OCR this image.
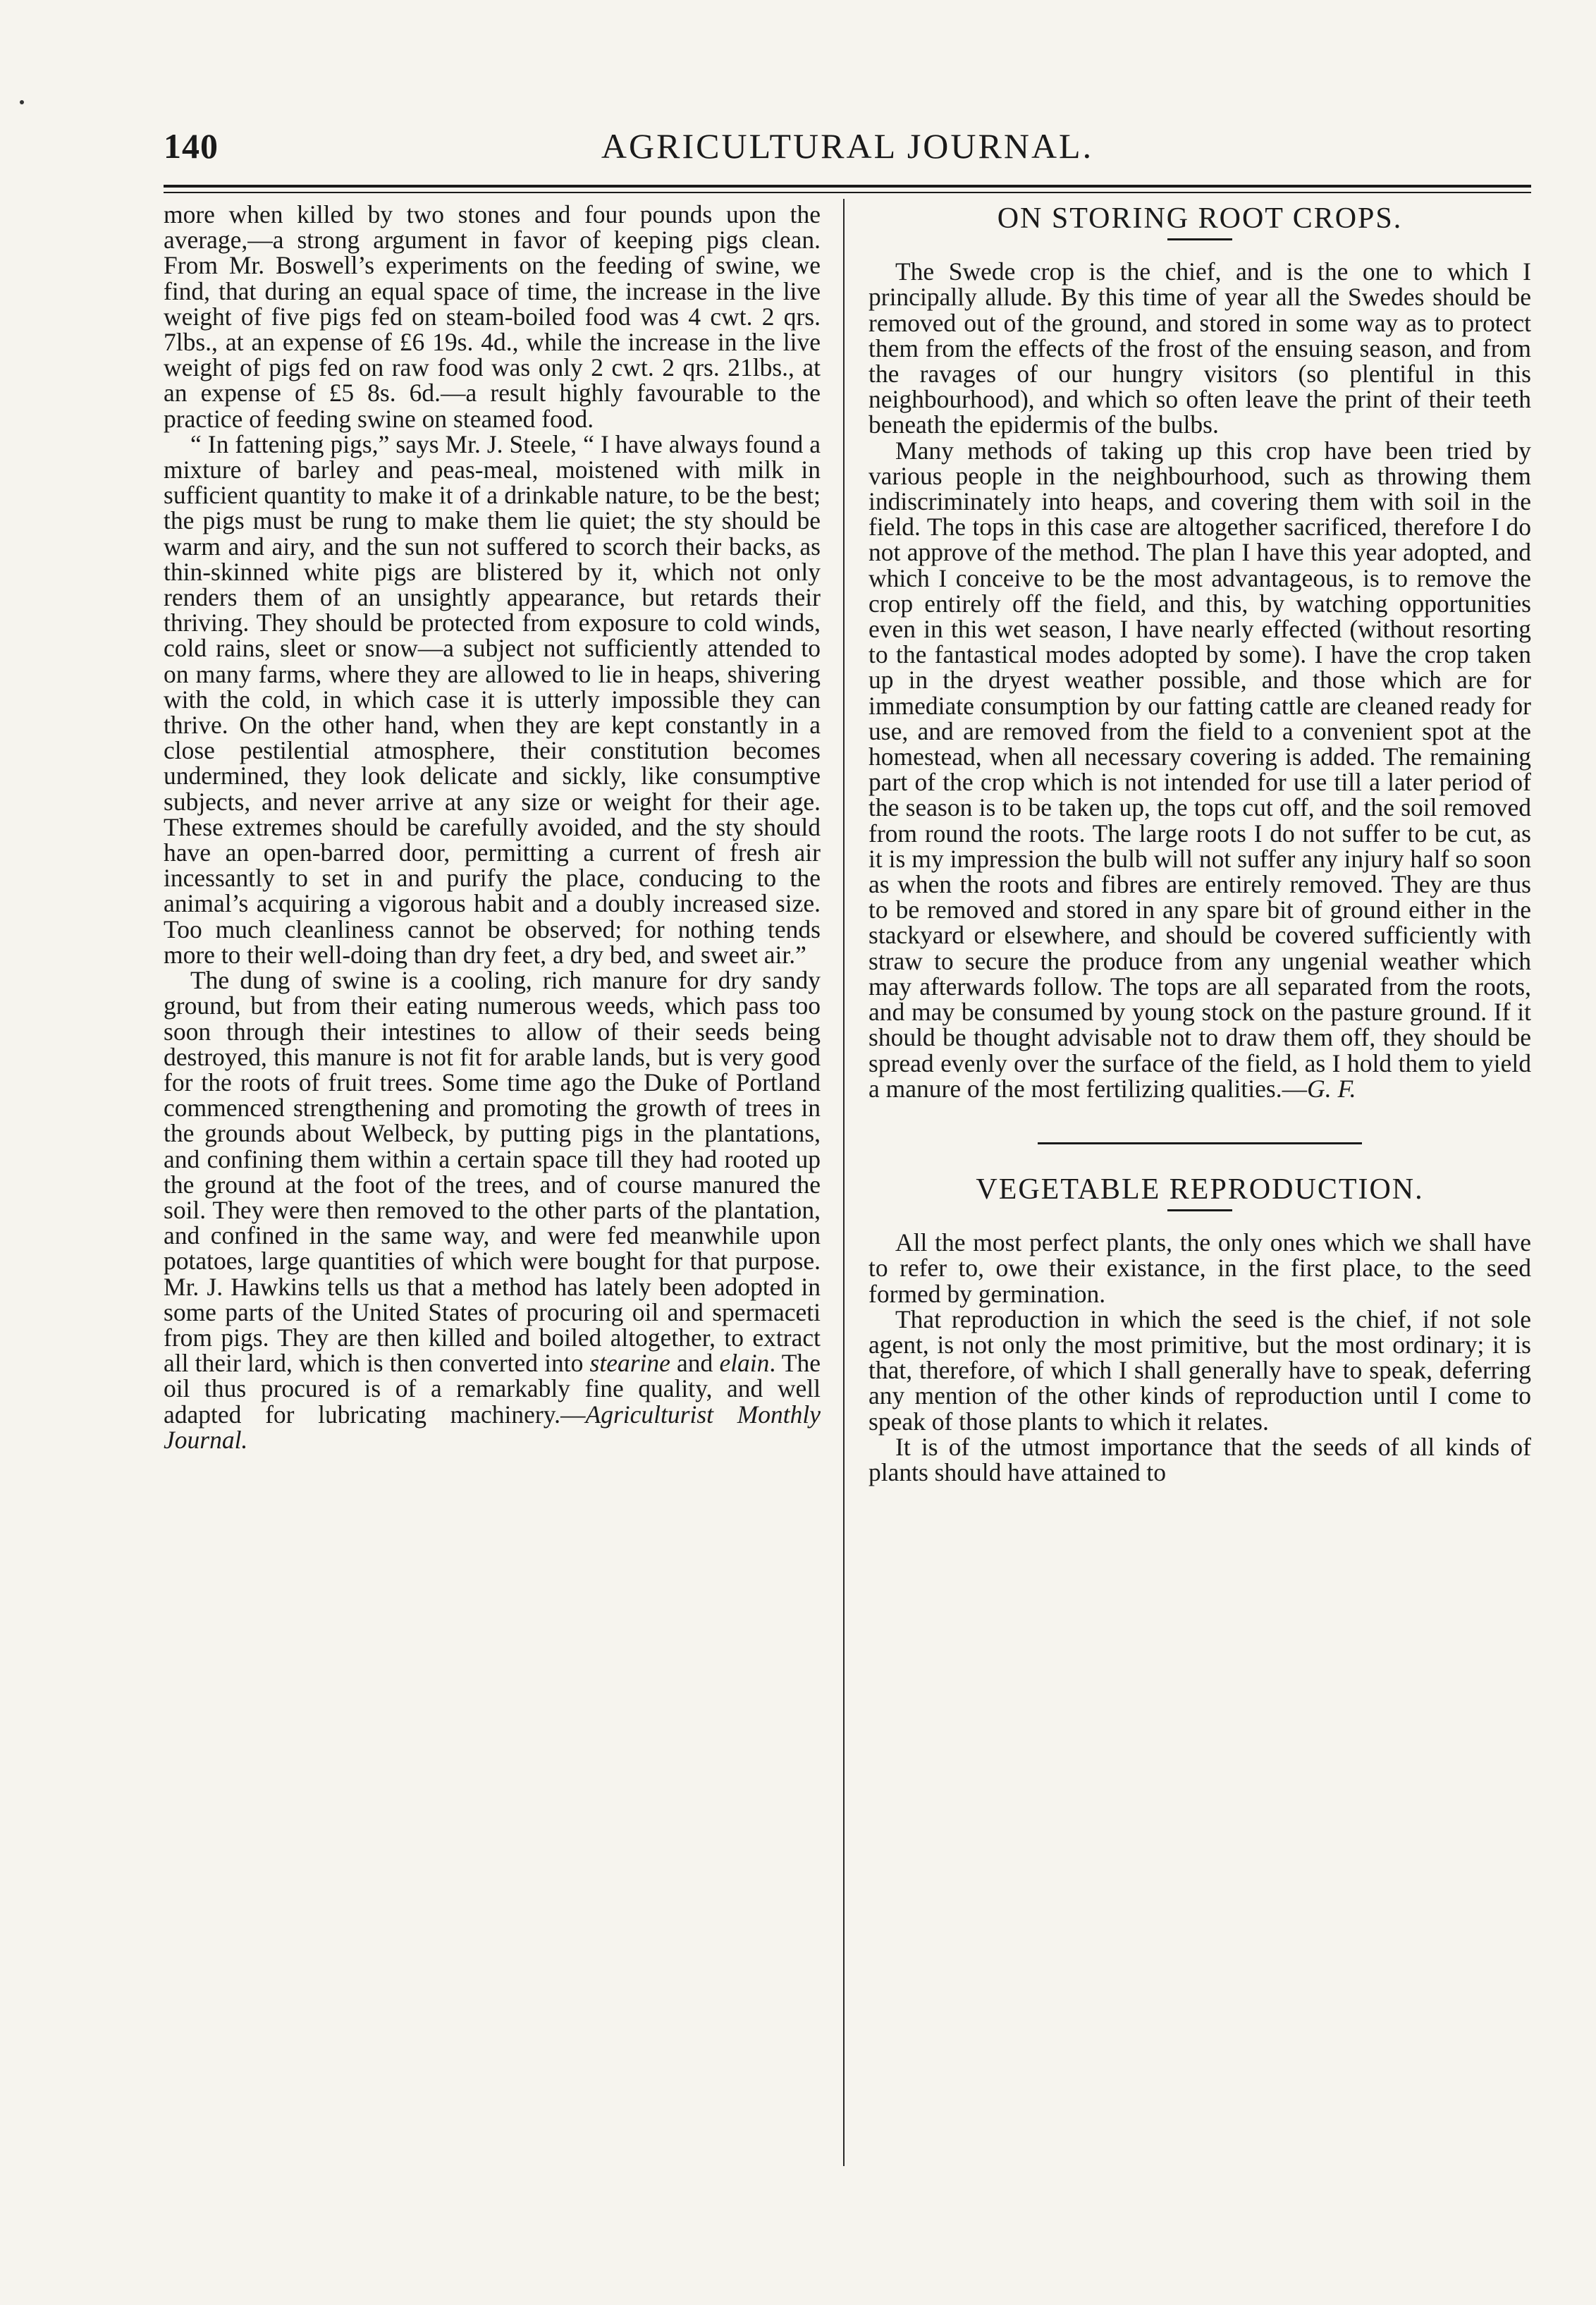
140	AGRICULTURAL JOURNAL.

more when killed by two stones and four pounds upon the average,—a strong argument in favor of keeping pigs clean. From Mr. Boswell’s experiments on the feeding of swine, we find, that during an equal space of time, the increase in the live weight of five pigs fed on steam-boiled food was 4 cwt. 2 qrs. 7lbs., at an expense of £6 19s. 4d., while the increase in the live weight of pigs fed on raw food was only 2 cwt. 2 qrs. 21lbs., at an expense of £5 8s. 6d.—a result highly favourable to the practice of feeding swine on steamed food.

“ In fattening pigs,” says Mr. J. Steele, “ I have always found a mixture of barley and peas-meal, moistened with milk in sufficient quantity to make it of a drinkable nature, to be the best; the pigs must be rung to make them lie quiet; the sty should be warm and airy, and the sun not suffered to scorch their backs, as thin-skinned white pigs are blistered by it, which not only renders them of an unsightly appearance, but retards their thriving. They should be protected from exposure to cold winds, cold rains, sleet or snow—a subject not sufficiently attended to on many farms, where they are allowed to lie in heaps, shivering with the cold, in which case it is utterly impossible they can thrive. On the other hand, when they are kept constantly in a close pestilential atmosphere, their constitution becomes undermined, they look delicate and sickly, like consumptive subjects, and never arrive at any size or weight for their age. These extremes should be carefully avoided, and the sty should have an open-barred door, permitting a current of fresh air incessantly to set in and purify the place, conducing to the animal’s acquiring a vigorous habit and a doubly increased size. Too much cleanliness cannot be observed; for nothing tends more to their well-doing than dry feet, a dry bed, and sweet air.”

The dung of swine is a cooling, rich manure for dry sandy ground, but from their eating numerous weeds, which pass too soon through their intestines to allow of their seeds being destroyed, this manure is not fit for arable lands, but is very good for the roots of fruit trees. Some time ago the Duke of Portland commenced strengthening and promoting the growth of trees in the grounds about Welbeck, by putting pigs in the plantations, and confining them within a certain space till they had rooted up the ground at the foot of the trees, and of course manured the soil. They were then removed to the other parts of the plantation, and confined in the same way, and were fed meanwhile upon potatoes, large quantities of which were bought for that purpose. Mr. J. Hawkins tells us that a method has lately been adopted in some parts of the United States of procuring oil and spermaceti from pigs. They are then killed and boiled altogether, to extract all their lard, which is then converted into stearine and elain. The oil thus procured is of a remarkably fine quality, and well adapted for lubricating machinery.—Agriculturist Monthly Journal.

ON STORING ROOT CROPS.

The Swede crop is the chief, and is the one to which I principally allude. By this time of year all the Swedes should be removed out of the ground, and stored in some way as to protect them from the effects of the frost of the ensuing season, and from the ravages of our hungry visitors (so plentiful in this neighbourhood), and which so often leave the print of their teeth beneath the epidermis of the bulbs.

Many methods of taking up this crop have been tried by various people in the neighbourhood, such as throwing them indiscriminately into heaps, and covering them with soil in the field. The tops in this case are altogether sacrificed, therefore I do not approve of the method. The plan I have this year adopted, and which I conceive to be the most advantageous, is to remove the crop entirely off the field, and this, by watching opportunities even in this wet season, I have nearly effected (without resorting to the fantastical modes adopted by some). I have the crop taken up in the dryest weather possible, and those which are for immediate consumption by our fatting cattle are cleaned ready for use, and are removed from the field to a convenient spot at the homestead, when all necessary covering is added. The remaining part of the crop which is not intended for use till a later period of the season is to be taken up, the tops cut off, and the soil removed from round the roots. The large roots I do not suffer to be cut, as it is my impression the bulb will not suffer any injury half so soon as when the roots and fibres are entirely removed. They are thus to be removed and stored in any spare bit of ground either in the stackyard or elsewhere, and should be covered sufficiently with straw to secure the produce from any ungenial weather which may afterwards follow. The tops are all separated from the roots, and may be consumed by young stock on the pasture ground. If it should be thought advisable not to draw them off, they should be spread evenly over the surface of the field, as I hold them to yield a manure of the most fertilizing qualities.—G. F.

VEGETABLE REPRODUCTION.

All the most perfect plants, the only ones which we shall have to refer to, owe their existance, in the first place, to the seed formed by germination.

That reproduction in which the seed is the chief, if not sole agent, is not only the most primitive, but the most ordinary; it is that, therefore, of which I shall generally have to speak, deferring any mention of the other kinds of reproduction until I come to speak of those plants to which it relates.

It is of the utmost importance that the seeds of all kinds of plants should have attained to
